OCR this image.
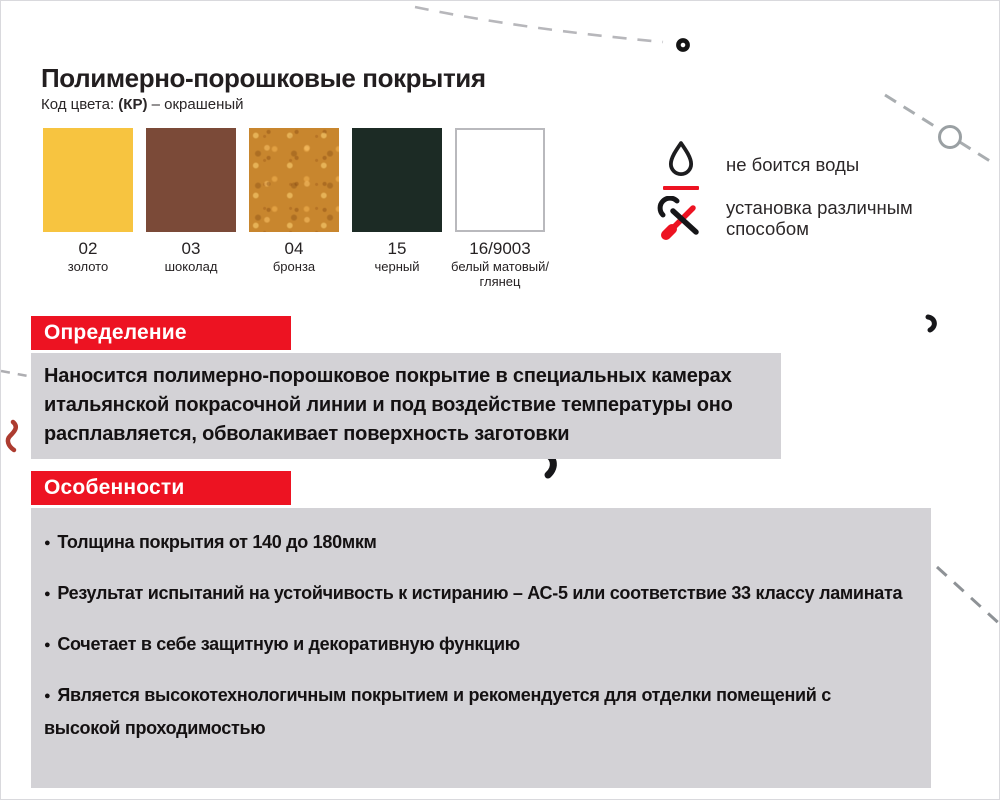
Полимерно-порошковые покрытия

Код цвета: (КР) – окрашеный

02
золото
03
шоколад
04
бронза
15
черный
16/9003
белый матовый/глянец
не боится воды
установка различным способом
Определение

Наносится полимерно-порошковое покрытие в специальных камерах итальянской покрасочной линии и под воздействие температуры оно расплавляется, обволакивает поверхность заготовки

Особенности
● Толщина покрытия от 140 до 180мкм
● Результат испытаний на устойчивость к истиранию – АС-5 или соответствие 33 классу ламината
● Сочетает в себе защитную и декоративную функцию
● Является высокотехнологичным покрытием и рекомендуется для отделки помещений с высокой проходимостью
